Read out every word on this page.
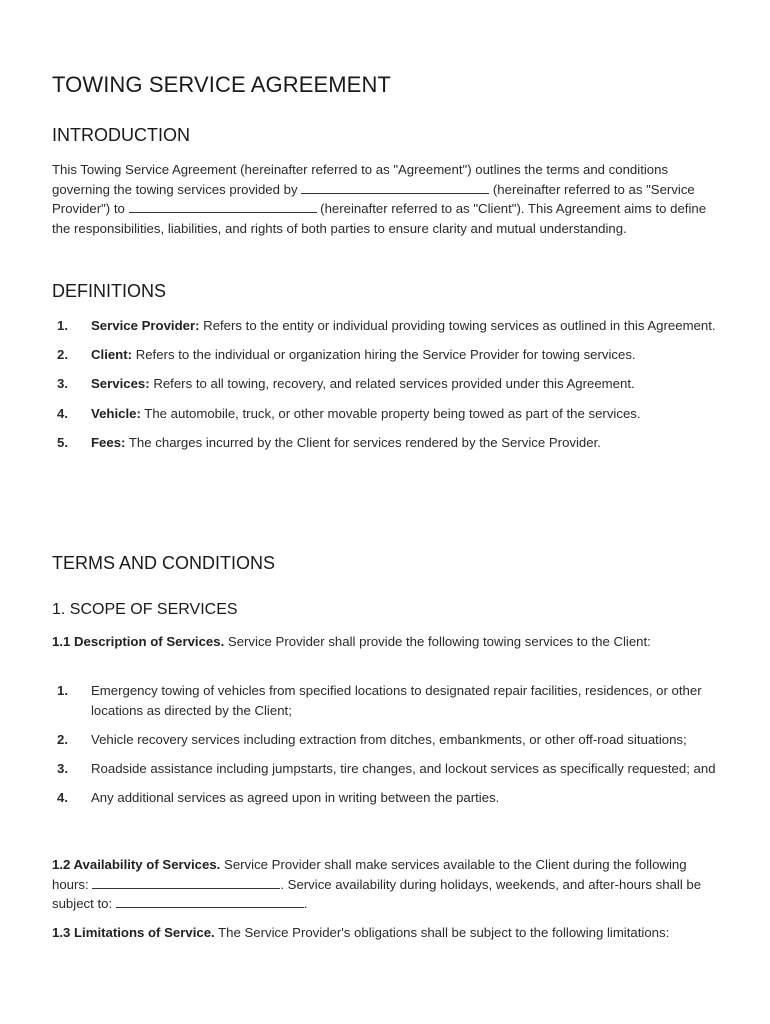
TOWING SERVICE AGREEMENT
INTRODUCTION

This Towing Service Agreement (hereinafter referred to as "Agreement") outlines the terms and conditions governing the towing services provided by	(hereinafter referred to as "Service Provider") to	(hereinafter referred to as "Client"). This Agreement aims to define the responsibilities, liabilities, and rights of both parties to ensure clarity and mutual understanding.

DEFINITIONS
1. Service Provider: Refers to the entity or individual providing towing services as outlined in this Agreement.
2. Client: Refers to the individual or organization hiring the Service Provider for towing services.
3. Services: Refers to all towing, recovery, and related services provided under this Agreement.
4. Vehicle: The automobile, truck, or other movable property being towed as part of the services.
5. Fees: The charges incurred by the Client for services rendered by the Service Provider.
TERMS AND CONDITIONS
1. SCOPE OF SERVICES

1.1 Description of Services. Service Provider shall provide the following towing services to the Client:

1. Emergency towing of vehicles from specified locations to designated repair facilities, residences, or other locations as directed by the Client;
2. Vehicle recovery services including extraction from ditches, embankments, or other off-road situations;
3. Roadside assistance including jumpstarts, tire changes, and lockout services as specifically requested; and
4. Any additional services as agreed upon in writing between the parties.

1.2 Availability of Services. Service Provider shall make services available to the Client during the following hours:	. Service availability during holidays, weekends, and after-hours shall be subject to:	.

1.3 Limitations of Service. The Service Provider's obligations shall be subject to the following limitations:
